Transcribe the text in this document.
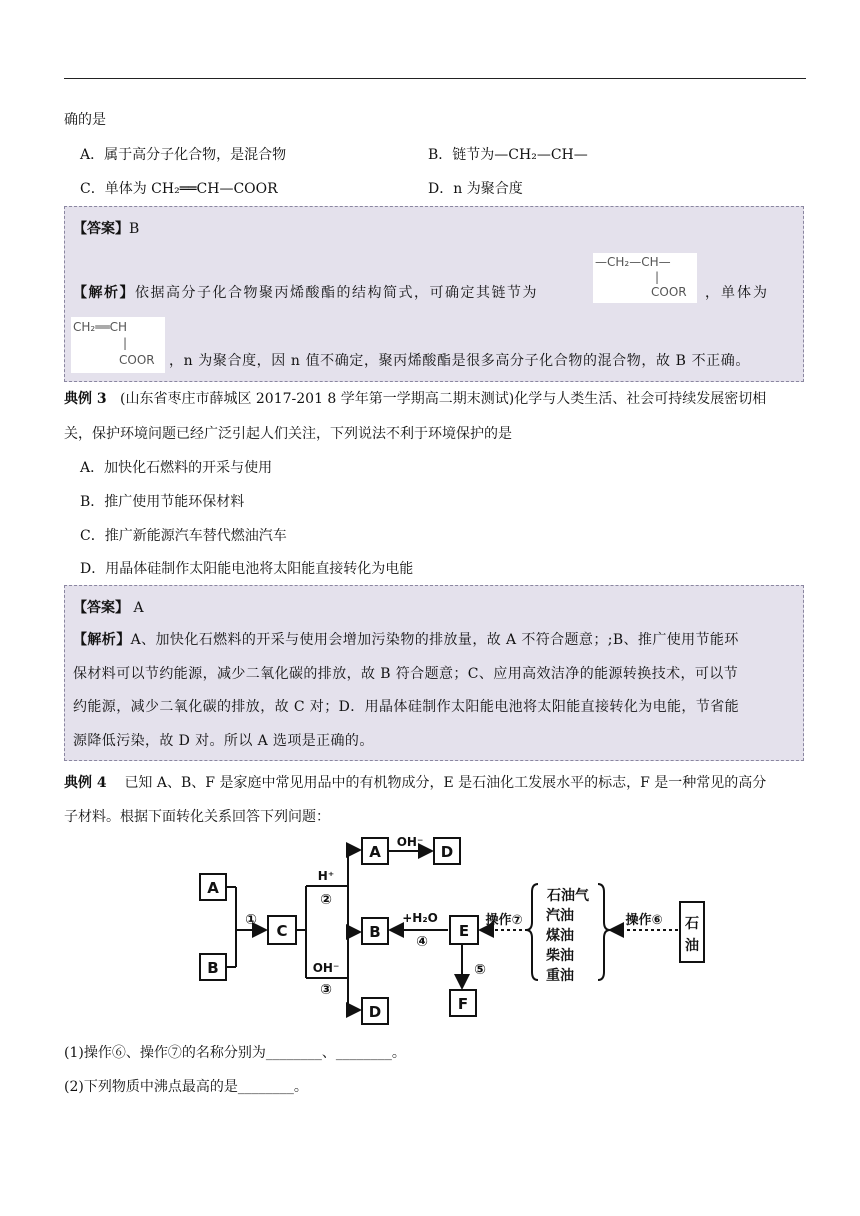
确的是
A．属于高分子化合物，是混合物	B．链节为—CH₂—CH—
C．单体为 CH₂══CH—COOR	D．n 为聚合度
【答案】B
【解析】依据高分子化合物聚丙烯酸酯的结构简式，可确定其链节为
—CH₂—CH—
|
COOR ，单体为
CH₂══CH
|
COOR ，n 为聚合度，因 n 值不确定，聚丙烯酸酯是很多高分子化合物的混合物，故 B 不正确。
典例 3 (山东省枣庄市薛城区 2017-201 8 学年第一学期高二期末测试)化学与人类生活、社会可持续发展密切相
关，保护环境问题已经广泛引起人们关注，下列说法不利于环境保护的是
A．加快化石燃料的开采与使用
B．推广使用节能环保材料
C．推广新能源汽车替代燃油汽车
D．用晶体硅制作太阳能电池将太阳能直接转化为电能
【答案】 A
【解析】A、加快化石燃料的开采与使用会增加污染物的排放量，故 A 不符合题意；;B、推广使用节能环
保材料可以节约能源，减少二氧化碳的排放，故 B 符合题意；C、应用高效洁净的能源转换技术，可以节
约能源，减少二氧化碳的排放，故 C 对；D．用晶体硅制作太阳能电池将太阳能直接转化为电能，节省能
源降低污染，故 D 对。所以 A 选项是正确的。
典例 4 已知 A、B、F 是家庭中常见用品中的有机物成分，E 是石油化工发展水平的标志，F 是一种常见的高分
子材料。根据下面转化关系回答下列问题：
A
B
C
A	D
B
D
E
F
①
H⁺
②
OH⁻
③
OH⁻
+H₂O
④
⑤
操作⑦	操作⑥
石油气
汽油
煤油
柴油
重油
石
油
(1)操作⑥、操作⑦的名称分别为________、________。
(2)下列物质中沸点最高的是________。
